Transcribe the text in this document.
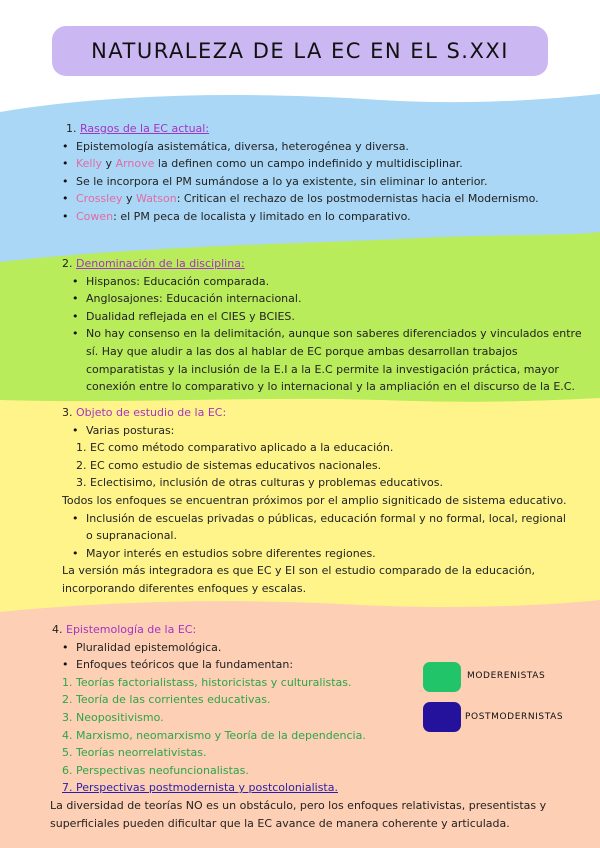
NATURALEZA DE LA EC EN EL S.XXI
1. Rasgos de la EC actual:
• Epistemología asistemática, diversa, heterogénea y diversa.
• Kelly y Arnove la definen como un campo indefinido y multidisciplinar.
• Se le incorpora el PM sumándose a lo ya existente, sin eliminar lo anterior.
• Crossley y Watson: Critican el rechazo de los postmodernistas hacia el Modernismo.
• Cowen: el PM peca de localista y limitado en lo comparativo.
2. Denominación de la disciplina:
• Hispanos: Educación comparada.
• Anglosajones: Educación internacional.
• Dualidad reflejada en el CIES y BCIES.
• No hay consenso en la delimitación, aunque son saberes diferenciados y vinculados entre
sí. Hay que aludir a las dos al hablar de EC porque ambas desarrollan trabajos
comparatistas y la inclusión de la E.I a la E.C permite la investigación práctica, mayor
conexión entre lo comparativo y lo internacional y la ampliación en el discurso de la E.C.
3. Objeto de estudio de la EC:
• Varias posturas:
1. EC como método comparativo aplicado a la educación.
2. EC como estudio de sistemas educativos nacionales.
3. Eclectisimo, inclusión de otras culturas y problemas educativos.
Todos los enfoques se encuentran próximos por el amplio signiticado de sistema educativo.
• Inclusión de escuelas privadas o públicas, educación formal y no formal, local, regional
o supranacional.
• Mayor interés en estudios sobre diferentes regiones.
La versión más integradora es que EC y EI son el estudio comparado de la educación,
incorporando diferentes enfoques y escalas.
4. Epistemología de la EC:
• Pluralidad epistemológica.
• Enfoques teóricos que la fundamentan:
1. Teorías factorialistass, historicistas y culturalistas.
2. Teoría de las corrientes educativas.
3. Neopositivismo.
4. Marxismo, neomarxismo y Teoría de la dependencia.
5. Teorías neorrelativistas.
6. Perspectivas neofuncionalistas.
7. Perspectivas postmodernista y postcolonialista.
La diversidad de teorías NO es un obstáculo, pero los enfoques relativistas, presentistas y
superficiales pueden dificultar que la EC avance de manera coherente y articulada.
MODERENISTAS
POSTMODERNISTAS
